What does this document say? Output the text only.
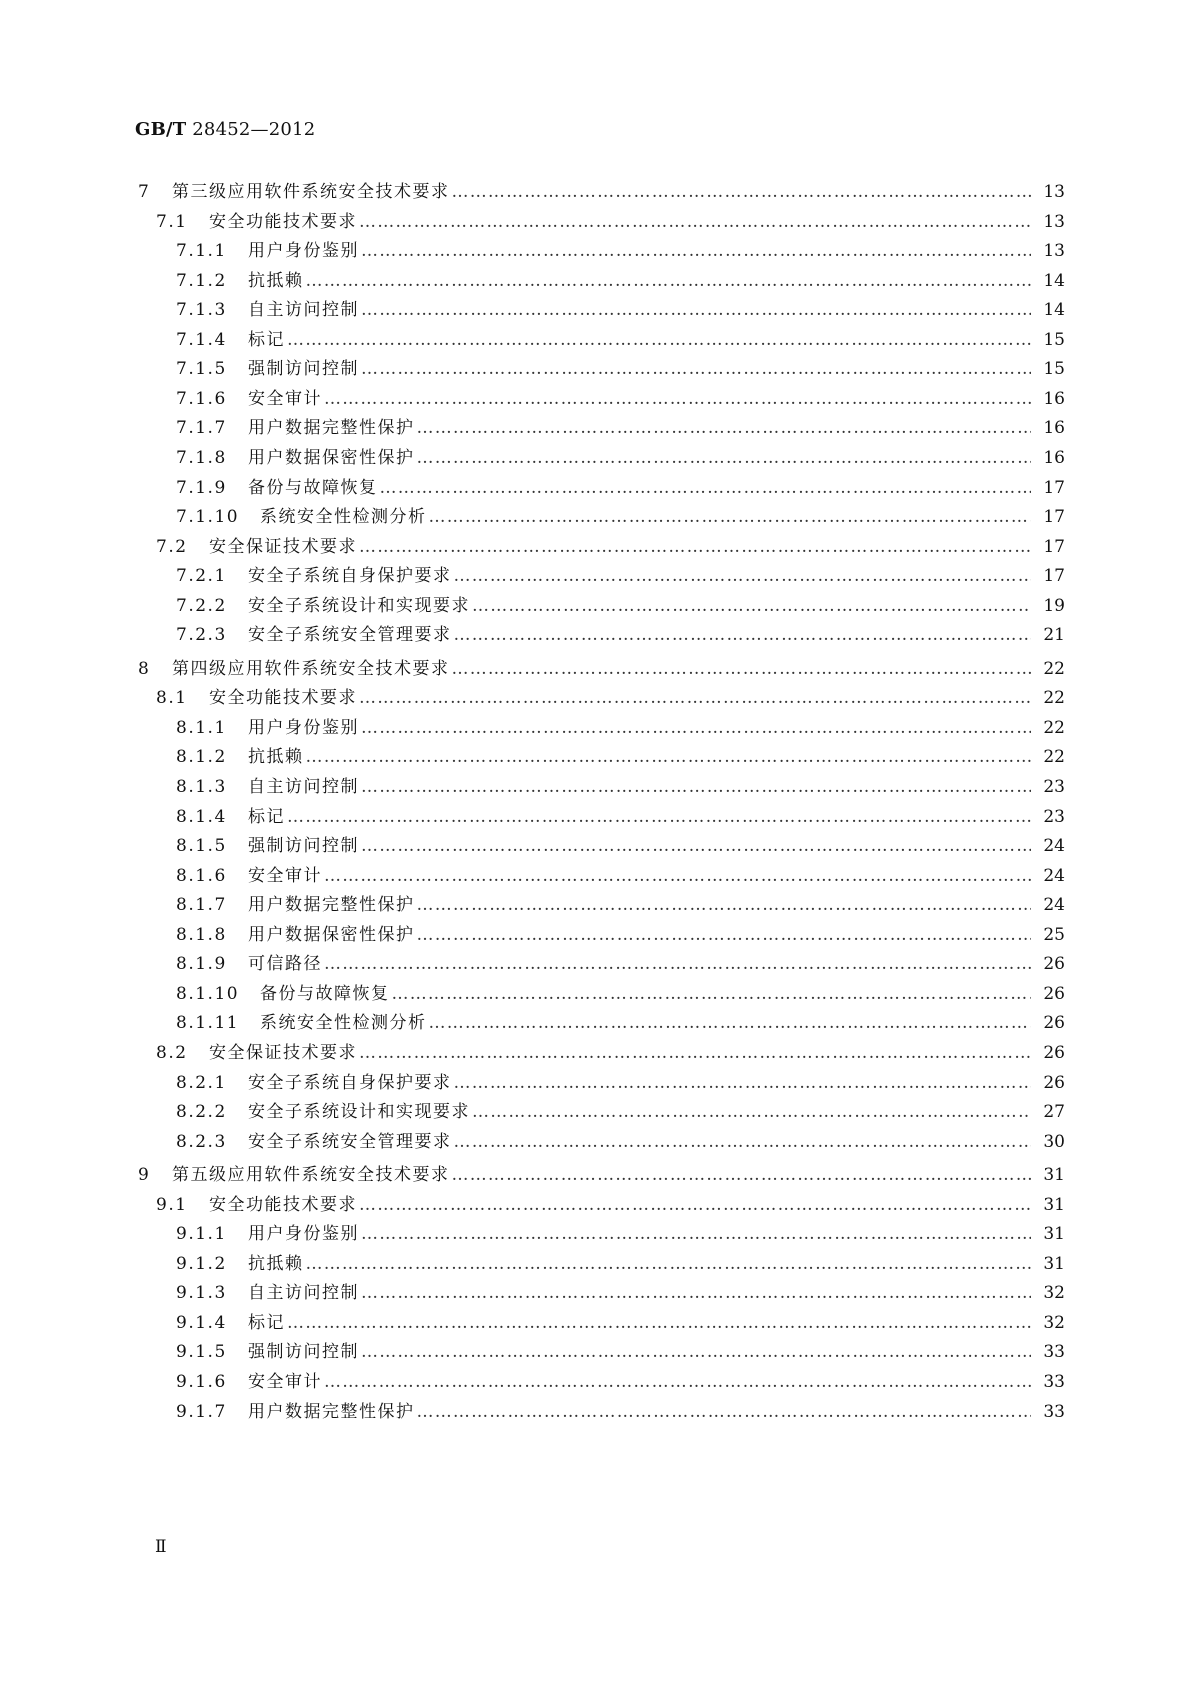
GB/T 28452—2012
7	第三级应用软件系统安全技术要求 ……………………………………………………………………………………………………………………………………………………………………………………………………………………………………………………	13
7.1	安全功能技术要求 ……………………………………………………………………………………………………………………………………………………………………………………………………………………………………………………	13
7.1.1	用户身份鉴别 ……………………………………………………………………………………………………………………………………………………………………………………………………………………………………………………	13
7.1.2	抗抵赖 ……………………………………………………………………………………………………………………………………………………………………………………………………………………………………………………	14
7.1.3	自主访问控制 ……………………………………………………………………………………………………………………………………………………………………………………………………………………………………………………	14
7.1.4	标记 ……………………………………………………………………………………………………………………………………………………………………………………………………………………………………………………	15
7.1.5	强制访问控制 ……………………………………………………………………………………………………………………………………………………………………………………………………………………………………………………	15
7.1.6	安全审计 ……………………………………………………………………………………………………………………………………………………………………………………………………………………………………………………	16
7.1.7	用户数据完整性保护 ……………………………………………………………………………………………………………………………………………………………………………………………………………………………………………………	16
7.1.8	用户数据保密性保护 ……………………………………………………………………………………………………………………………………………………………………………………………………………………………………………………	16
7.1.9	备份与故障恢复 ……………………………………………………………………………………………………………………………………………………………………………………………………………………………………………………	17
7.1.10	系统安全性检测分析 ……………………………………………………………………………………………………………………………………………………………………………………………………………………………………………………	17
7.2	安全保证技术要求 ……………………………………………………………………………………………………………………………………………………………………………………………………………………………………………………	17
7.2.1	安全子系统自身保护要求 ……………………………………………………………………………………………………………………………………………………………………………………………………………………………………………………	17
7.2.2	安全子系统设计和实现要求 ……………………………………………………………………………………………………………………………………………………………………………………………………………………………………………………	19
7.2.3	安全子系统安全管理要求 ……………………………………………………………………………………………………………………………………………………………………………………………………………………………………………………	21
8	第四级应用软件系统安全技术要求 ……………………………………………………………………………………………………………………………………………………………………………………………………………………………………………………	22
8.1	安全功能技术要求 ……………………………………………………………………………………………………………………………………………………………………………………………………………………………………………………	22
8.1.1	用户身份鉴别 ……………………………………………………………………………………………………………………………………………………………………………………………………………………………………………………	22
8.1.2	抗抵赖 ……………………………………………………………………………………………………………………………………………………………………………………………………………………………………………………	22
8.1.3	自主访问控制 ……………………………………………………………………………………………………………………………………………………………………………………………………………………………………………………	23
8.1.4	标记 ……………………………………………………………………………………………………………………………………………………………………………………………………………………………………………………	23
8.1.5	强制访问控制 ……………………………………………………………………………………………………………………………………………………………………………………………………………………………………………………	24
8.1.6	安全审计 ……………………………………………………………………………………………………………………………………………………………………………………………………………………………………………………	24
8.1.7	用户数据完整性保护 ……………………………………………………………………………………………………………………………………………………………………………………………………………………………………………………	24
8.1.8	用户数据保密性保护 ……………………………………………………………………………………………………………………………………………………………………………………………………………………………………………………	25
8.1.9	可信路径 ……………………………………………………………………………………………………………………………………………………………………………………………………………………………………………………	26
8.1.10	备份与故障恢复 ……………………………………………………………………………………………………………………………………………………………………………………………………………………………………………………	26
8.1.11	系统安全性检测分析 ……………………………………………………………………………………………………………………………………………………………………………………………………………………………………………………	26
8.2	安全保证技术要求 ……………………………………………………………………………………………………………………………………………………………………………………………………………………………………………………	26
8.2.1	安全子系统自身保护要求 ……………………………………………………………………………………………………………………………………………………………………………………………………………………………………………………	26
8.2.2	安全子系统设计和实现要求 ……………………………………………………………………………………………………………………………………………………………………………………………………………………………………………………	27
8.2.3	安全子系统安全管理要求 ……………………………………………………………………………………………………………………………………………………………………………………………………………………………………………………	30
9	第五级应用软件系统安全技术要求 ……………………………………………………………………………………………………………………………………………………………………………………………………………………………………………………	31
9.1	安全功能技术要求 ……………………………………………………………………………………………………………………………………………………………………………………………………………………………………………………	31
9.1.1	用户身份鉴别 ……………………………………………………………………………………………………………………………………………………………………………………………………………………………………………………	31
9.1.2	抗抵赖 ……………………………………………………………………………………………………………………………………………………………………………………………………………………………………………………	31
9.1.3	自主访问控制 ……………………………………………………………………………………………………………………………………………………………………………………………………………………………………………………	32
9.1.4	标记 ……………………………………………………………………………………………………………………………………………………………………………………………………………………………………………………	32
9.1.5	强制访问控制 ……………………………………………………………………………………………………………………………………………………………………………………………………………………………………………………	33
9.1.6	安全审计 ……………………………………………………………………………………………………………………………………………………………………………………………………………………………………………………	33
9.1.7	用户数据完整性保护 ……………………………………………………………………………………………………………………………………………………………………………………………………………………………………………………	33
Ⅱ
